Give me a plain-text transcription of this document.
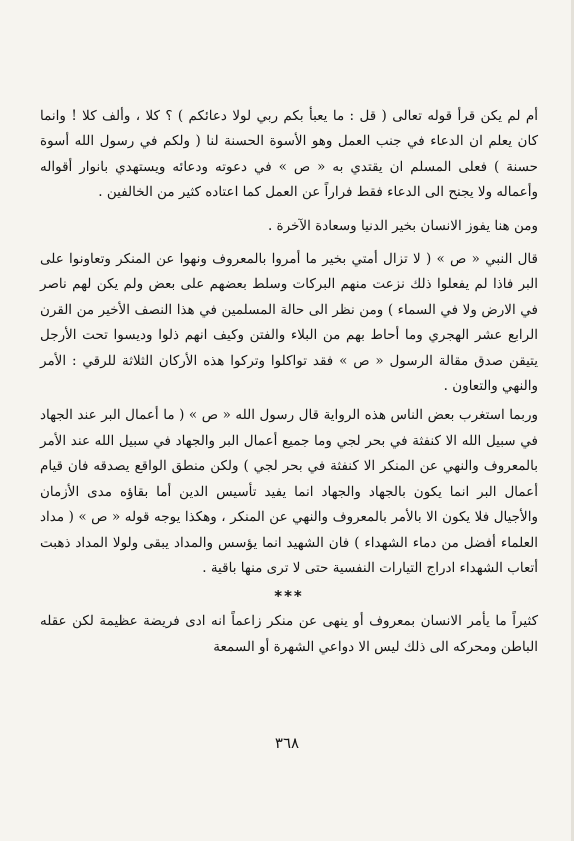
أم لم يكن قرأ قوله تعالى ( قل : ما يعبأ بكم ربي لولا دعائكم ) ؟ كلا ، وألف كلا ! وانما كان يعلم ان الدعاء في جنب العمل وهو الأسوة الحسنة لنا ( ولكم في رسول الله أسوة حسنة ) فعلى المسلم ان يقتدي به « ص » في دعوته ودعائه ويستهدي بانوار أقواله وأعماله ولا يجنح الى الدعاء فقط فراراً عن العمل كما اعتاده كثير من الخالفين .

ومن هنا يفوز الانسان بخير الدنيا وسعادة الآخرة .

قال النبي « ص » ( لا تزال أمتي بخير ما أمروا بالمعروف ونهوا عن المنكر وتعاونوا على البر فاذا لم يفعلوا ذلك نزعت منهم البركات وسلط بعضهم على بعض ولم يكن لهم ناصر في الارض ولا في السماء ) ومن نظر الى حالة المسلمين في هذا النصف الأخير من القرن الرابع عشر الهجري وما أحاط بهم من البلاء والفتن وكيف انهم ذلوا وديسوا تحت الأرجل يتيقن صدق مقالة الرسول « ص » فقد تواكلوا وتركوا هذه الأركان الثلاثة للرقي : الأمر والنهي والتعاون .

وربما استغرب بعض الناس هذه الرواية قال رسول الله « ص » ( ما أعمال البر عند الجهاد في سبيل الله الا كنفثة في بحر لجي وما جميع أعمال البر والجهاد في سبيل الله عند الأمر بالمعروف والنهي عن المنكر الا كنفثة في بحر لجي ) ولكن منطق الواقع يصدقه فان قيام أعمال البر انما يكون بالجهاد والجهاد انما يفيد تأسيس الدين أما بقاؤه مدى الأزمان والأجيال فلا يكون الا بالأمر بالمعروف والنهي عن المنكر ، وهكذا يوجه قوله « ص » ( مداد العلماء أفضل من دماء الشهداء ) فان الشهيد انما يؤسس والمداد يبقى ولولا المداد ذهبت أتعاب الشهداء ادراج التيارات النفسية حتى لا ترى منها باقية .

***

كثيراً ما يأمر الانسان بمعروف أو ينهى عن منكر زاعماً انه ادى فريضة عظيمة لكن عقله الباطن ومحركه الى ذلك ليس الا دواعي الشهرة أو السمعة

٣٦٨
